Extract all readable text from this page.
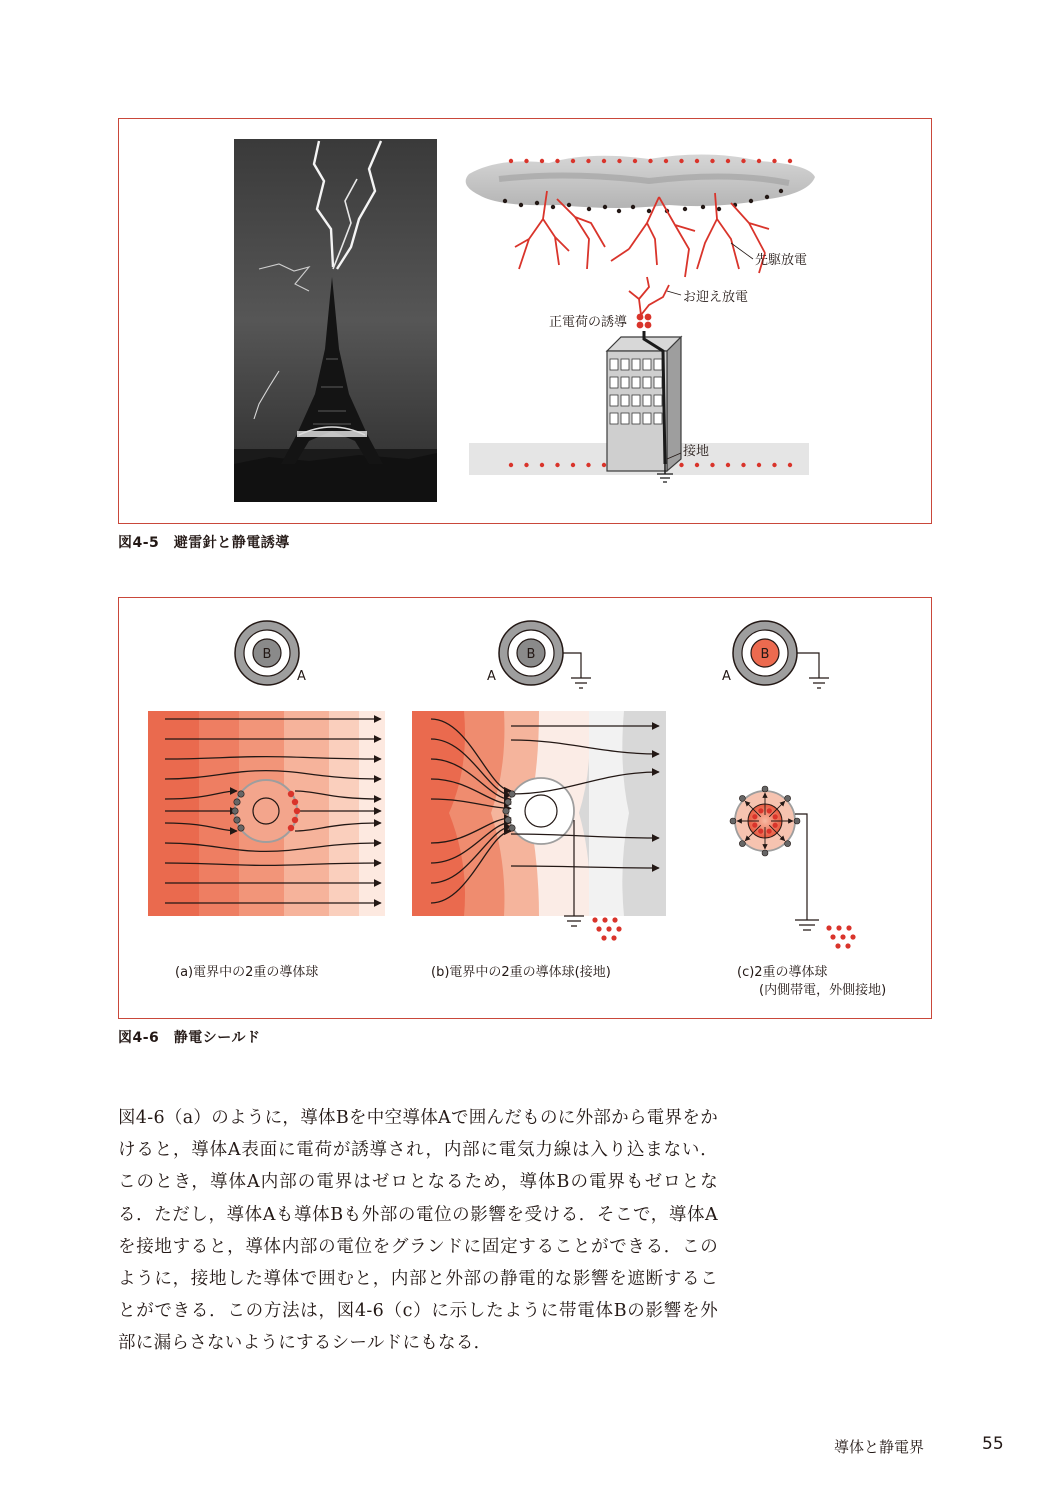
先駆放電
お迎え放電
正電荷の誘導
接地
図4-5　避雷針と静電誘導
B	B	B
A	A	A
(a)電界中の2重の導体球	(b)電界中の2重の導体球(接地)	(c)2重の導体球
(内側帯電，外側接地)
図4-6　静電シールド

図4-6（a）のように，導体Bを中空導体Aで囲んだものに外部から電界をかけると，導体A表面に電荷が誘導され，内部に電気力線は入り込まない．このとき，導体A内部の電界はゼロとなるため，導体Bの電界もゼロとなる．ただし，導体Aも導体Bも外部の電位の影響を受ける．そこで，導体Aを接地すると，導体内部の電位をグランドに固定することができる．このように，接地した導体で囲むと，内部と外部の静電的な影響を遮断することができる．この方法は，図4-6（c）に示したように帯電体Bの影響を外部に漏らさないようにするシールドにもなる．

導体と静電界	55
